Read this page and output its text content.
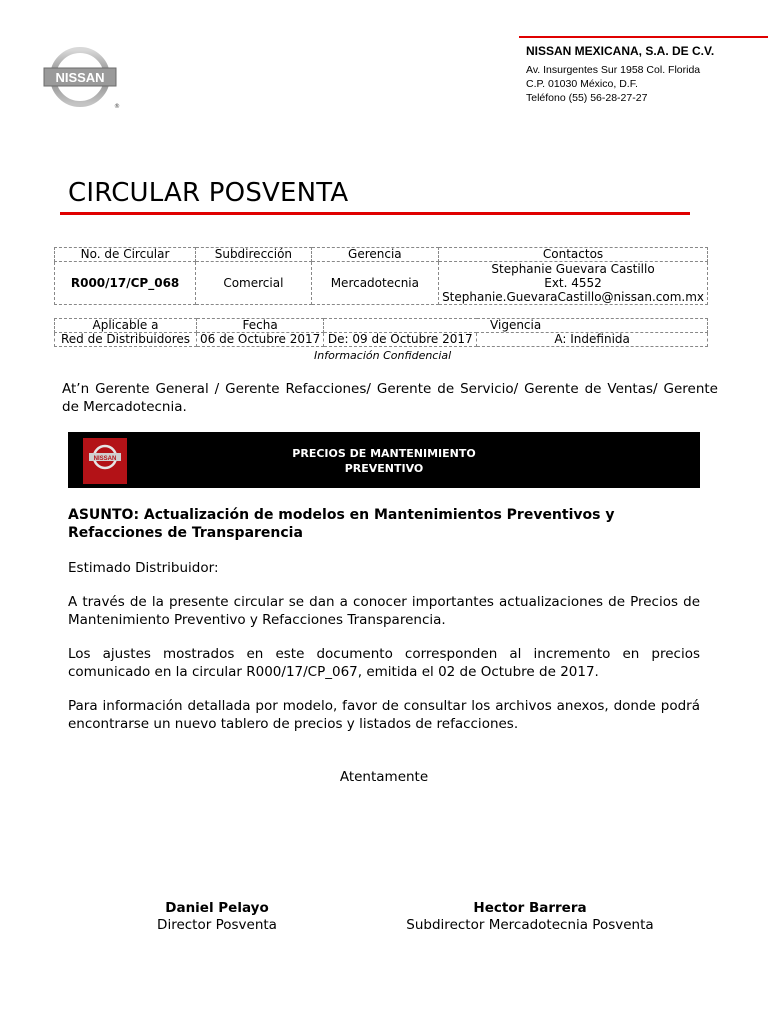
NISSAN
®
NISSAN MEXICANA, S.A. DE C.V.
Av. Insurgentes Sur 1958 Col. Florida
C.P. 01030 México, D.F.
Teléfono (55) 56-28-27-27
CIRCULAR POSVENTA
No. de Circular	Subdirección	Gerencia	Contactos
R000/17/CP_068	Comercial	Mercadotecnia	Stephanie Guevara Castillo
Ext. 4552
Stephanie.GuevaraCastillo@nissan.com.mx
Aplicable a	Fecha	Vigencia	
Red de Distribuidores	06 de Octubre 2017	De: 09 de Octubre 2017	A: Indefinida
Información Confidencial
At’n Gerente General / Gerente Refacciones/ Gerente de Servicio/ Gerente de Ventas/ Gerente de Mercadotecnia.
NISSAN	PRECIOS DE MANTENIMIENTO
PREVENTIVO
ASUNTO: Actualización de modelos en Mantenimientos Preventivos y Refacciones de Transparencia
Estimado Distribuidor:
A través de la presente circular se dan a conocer importantes actualizaciones de Precios de Mantenimiento Preventivo y Refacciones Transparencia.
Los ajustes mostrados en este documento corresponden al incremento en precios comunicado en la circular R000/17/CP_067, emitida el 02 de Octubre de 2017.
Para información detallada por modelo, favor de consultar los archivos anexos, donde podrá encontrarse un nuevo tablero de precios y listados de refacciones.
Atentamente
Daniel Pelayo
Director Posventa
Hector Barrera
Subdirector Mercadotecnia Posventa
